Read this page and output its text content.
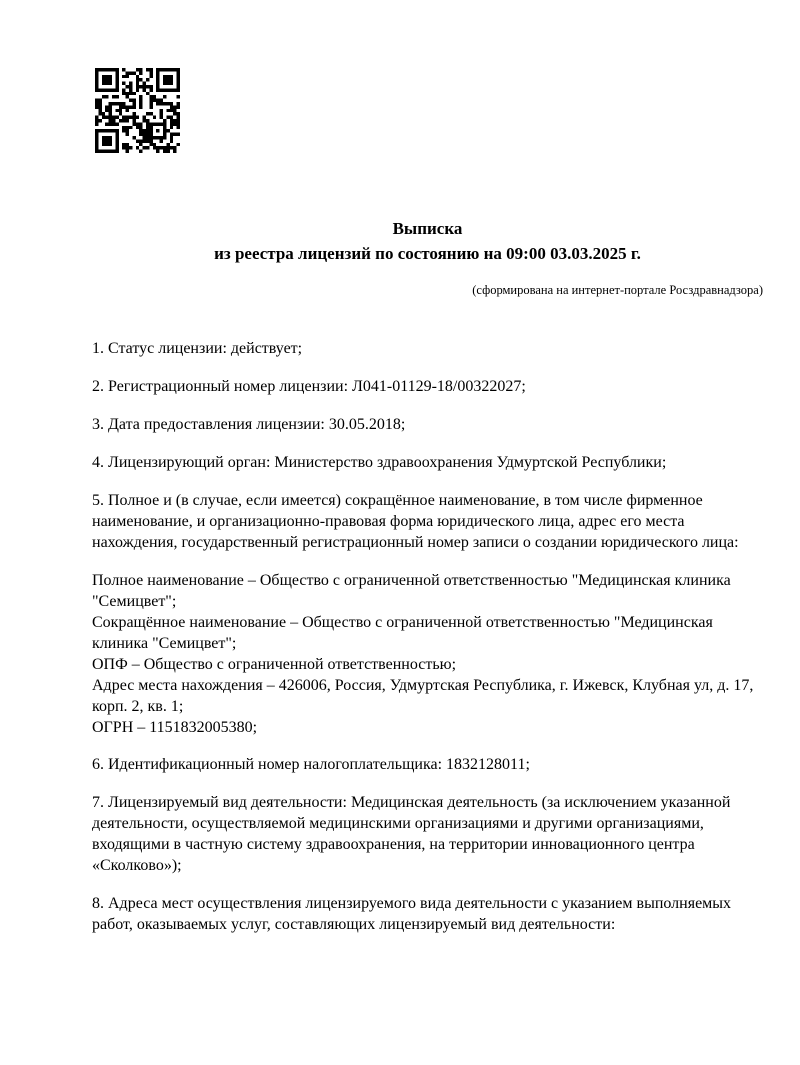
Выписка
из реестра лицензий по состоянию на 09:00 03.03.2025 г.
(сформирована на интернет-портале Росздравнадзора)

1. Статус лицензии: действует;

2. Регистрационный номер лицензии: Л041-01129-18/00322027;

3. Дата предоставления лицензии: 30.05.2018;

4. Лицензирующий орган: Министерство здравоохранения Удмуртской Республики;

5. Полное и (в случае, если имеется) сокращённое наименование, в том числе фирменное наименование, и организационно-правовая форма юридического лица, адрес его места нахождения, государственный регистрационный номер записи о создании юридического лица:

Полное наименование – Общество с ограниченной ответственностью "Медицинская клиника "Семицвет";
Сокращённое наименование – Общество с ограниченной ответственностью "Медицинская клиника "Семицвет";
ОПФ – Общество с ограниченной ответственностью;
Адрес места нахождения – 426006, Россия, Удмуртская Республика, г. Ижевск, Клубная ул, д. 17, корп. 2, кв. 1;
ОГРН – 1151832005380;

6. Идентификационный номер налогоплательщика: 1832128011;

7. Лицензируемый вид деятельности: Медицинская деятельность (за исключением указанной деятельности, осуществляемой медицинскими организациями и другими организациями, входящими в частную систему здравоохранения, на территории инновационного центра «Сколково»);

8. Адреса мест осуществления лицензируемого вида деятельности с указанием выполняемых работ, оказываемых услуг, составляющих лицензируемый вид деятельности:
